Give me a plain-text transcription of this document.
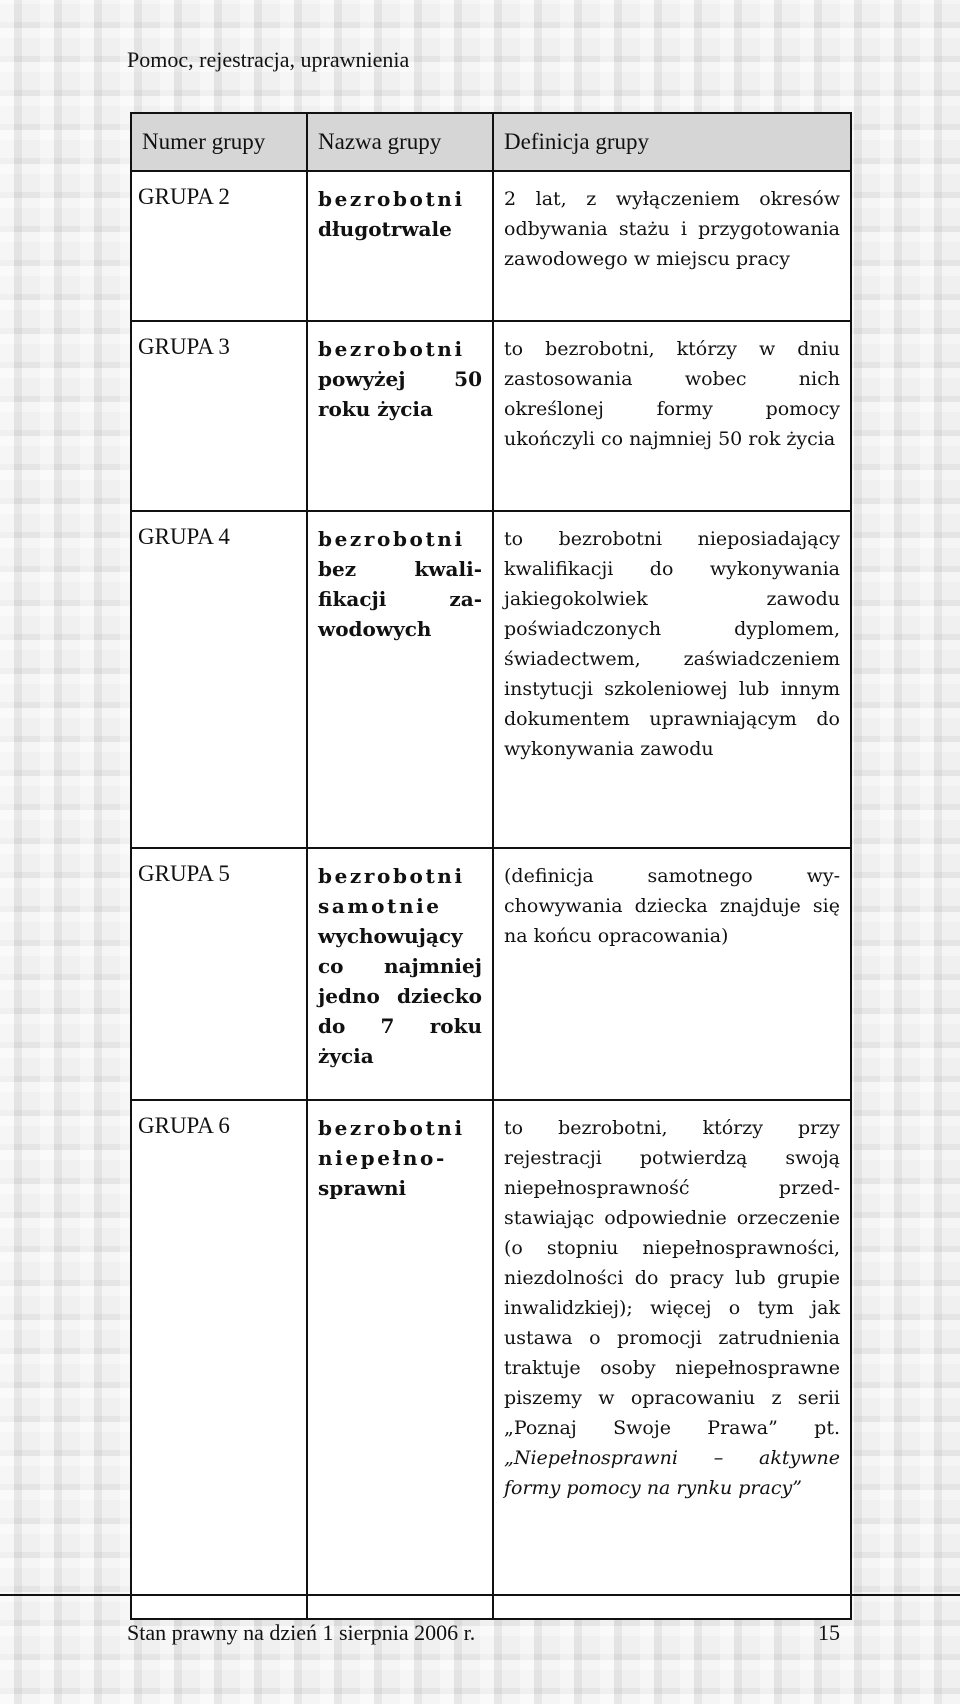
Pomoc, rejestracja, uprawnienia
Numer grupy	Nazwa grupy	Definicja grupy
GRUPA 2	bezrobotni długotrwale	2 lat, z wyłączeniem okresów odbywania stażu i przygotowania zawodowego w miejscu pracy
GRUPA 3	bezrobotni powyżej 50 roku życia	to bezrobotni, którzy w dniu zastosowania wobec nich określonej formy pomocy ukończyli co najmniej 50 rok życia
GRUPA 4	bezrobotni bez kwalifikacji zawodowych	to bezrobotni nieposiadający kwalifikacji do wykonywania jakiegokolwiek zawodu poświadczonych dyplomem, świadectwem, zaświadczeniem instytucji szkoleniowej lub innym dokumentem uprawniającym do wykonywania zawodu
GRUPA 5	bezrobotni samotnie wychowujący co najmniej jedno dziecko do 7 roku życia	(definicja samotnego wychowywania dziecka znajduje się na końcu opracowania)
GRUPA 6	bezrobotni niepełnosprawni	to bezrobotni, którzy przy rejestracji potwierdzą swoją niepełnosprawność przedstawiając odpowiednie orzeczenie (o stopniu niepełnosprawności, niezdolności do pracy lub grupie inwalidzkiej); więcej o tym jak ustawa o promocji zatrudnienia traktuje osoby niepełnosprawne piszemy w opracowaniu z serii „Poznaj Swoje Prawa” pt. „Niepełnosprawni – aktywne formy pomocy na rynku pracy”
Stan prawny na dzień 1 sierpnia 2006 r.	15
